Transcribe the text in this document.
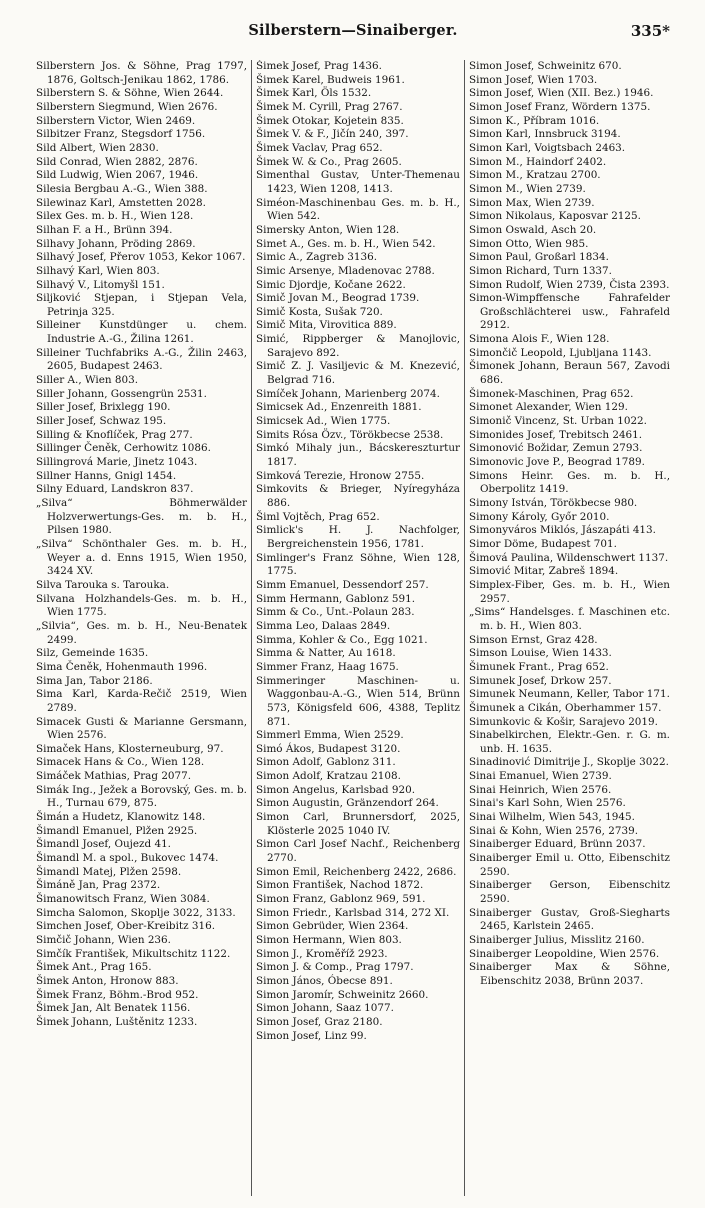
Silberstern—Sinaiberger.	335*
Silberstern Jos. & Söhne, Prag 1797, 1876, Goltsch-Jenikau 1862, 1786.
Silberstern S. & Söhne, Wien 2644.
Silberstern Siegmund, Wien 2676.
Silberstern Victor, Wien 2469.
Silbitzer Franz, Stegsdorf 1756.
Sild Albert, Wien 2830.
Sild Conrad, Wien 2882, 2876.
Sild Ludwig, Wien 2067, 1946.
Silesia Bergbau A.-G., Wien 388.
Silewinaz Karl, Amstetten 2028.
Silex Ges. m. b. H., Wien 128.
Silhan F. a H., Brünn 394.
Silhavy Johann, Pröding 2869.
Silhavý Josef, Přerov 1053, Kekor 1067.
Silhavý Karl, Wien 803.
Silhavý V., Litomyšl 151.
Siljković Stjepan, i Stjepan Vela, Petrinja 325.
Silleiner Kunstdünger u. chem. Industrie A.-G., Žilina 1261.
Silleiner Tuchfabriks A.-G., Žilin 2463, 2605, Budapest 2463.
Siller A., Wien 803.
Siller Johann, Gossengrün 2531.
Siller Josef, Brixlegg 190.
Siller Josef, Schwaz 195.
Silling & Knoflíček, Prag 277.
Sillinger Čeněk, Cerhowitz 1086.
Sillingrová Marie, Jinetz 1043.
Sillner Hanns, Gnigl 1454.
Silny Eduard, Landskron 837.
„Silva“ Böhmerwälder Holzverwertungs-Ges. m. b. H., Pilsen 1980.
„Silva“ Schönthaler Ges. m. b. H., Weyer a. d. Enns 1915, Wien 1950, 3424 XV.
Silva Tarouka s. Tarouka.
Silvana Holzhandels-Ges. m. b. H., Wien 1775.
„Silvia“, Ges. m. b. H., Neu-Benatek 2499.
Silz, Gemeinde 1635.
Sima Čeněk, Hohenmauth 1996.
Sima Jan, Tabor 2186.
Sima Karl, Karda-Rečič 2519, Wien 2789.
Simacek Gusti & Marianne Gersmann, Wien 2576.
Simaček Hans, Klosterneuburg, 97.
Simacek Hans & Co., Wien 128.
Simáček Mathias, Prag 2077.
Simák Ing., Ježek a Borovský, Ges. m. b. H., Turnau 679, 875.
Šimán a Hudetz, Klanowitz 148.
Šimandl Emanuel, Plžen 2925.
Šimandl Josef, Oujezd 41.
Šimandl M. a spol., Bukovec 1474.
Šimandl Matej, Plžen 2598.
Šimáně Jan, Prag 2372.
Šimanowitsch Franz, Wien 3084.
Simcha Salomon, Skoplje 3022, 3133.
Simchen Josef, Ober-Kreibitz 316.
Simčič Johann, Wien 236.
Simčík František, Mikultschitz 1122.
Šimek Ant., Prag 165.
Šimek Anton, Hronow 883.
Šimek Franz, Böhm.-Brod 952.
Šimek Jan, Alt Benatek 1156.
Šimek Johann, Luštěnitz 1233.
Šimek Josef, Prag 1436.
Šimek Karel, Budweis 1961.
Šimek Karl, Öls 1532.
Šimek M. Cyrill, Prag 2767.
Šimek Otokar, Kojetein 835.
Šimek V. & F., Jičín 240, 397.
Šimek Vaclav, Prag 652.
Šimek W. & Co., Prag 2605.
Simenthal Gustav, Unter-Themenau 1423, Wien 1208, 1413.
Siméon-Maschinenbau Ges. m. b. H., Wien 542.
Simersky Anton, Wien 128.
Simet A., Ges. m. b. H., Wien 542.
Simic A., Zagreb 3136.
Simic Arsenye, Mladenovac 2788.
Simic Djordje, Kočane 2622.
Simič Jovan M., Beograd 1739.
Simič Kosta, Sušak 720.
Simič Mita, Virovitica 889.
Simić, Rippberger & Manojlovic, Sarajevo 892.
Simič Z. J. Vasiljevic & M. Knezević, Belgrad 716.
Simíček Johann, Marienberg 2074.
Simicsek Ad., Enzenreith 1881.
Simicsek Ad., Wien 1775.
Simits Rósa Özv., Törökbecse 2538.
Simkó Mihaly jun., Bácskereszturtur 1817.
Simková Terezie, Hronow 2755.
Simkovits & Brieger, Nyíregyháza 886.
Šiml Vojtěch, Prag 652.
Simlick's H. J. Nachfolger, Bergreichenstein 1956, 1781.
Simlinger's Franz Söhne, Wien 128, 1775.
Simm Emanuel, Dessendorf 257.
Simm Hermann, Gablonz 591.
Simm & Co., Unt.-Polaun 283.
Simma Leo, Dalaas 2849.
Simma, Kohler & Co., Egg 1021.
Simma & Natter, Au 1618.
Simmer Franz, Haag 1675.
Simmeringer Maschinen- u. Waggonbau-A.-G., Wien 514, Brünn 573, Königsfeld 606, 4388, Teplitz 871.
Simmerl Emma, Wien 2529.
Simó Ákos, Budapest 3120.
Simon Adolf, Gablonz 311.
Simon Adolf, Kratzau 2108.
Simon Angelus, Karlsbad 920.
Simon Augustin, Gränzendorf 264.
Simon Carl, Brunnersdorf, 2025, Klösterle 2025 1040 IV.
Simon Carl Josef Nachf., Reichenberg 2770.
Simon Emil, Reichenberg 2422, 2686.
Simon František, Nachod 1872.
Simon Franz, Gablonz 969, 591.
Simon Friedr., Karlsbad 314, 272 XI.
Simon Gebrüder, Wien 2364.
Simon Hermann, Wien 803.
Simon J., Kroměříž 2923.
Simon J. & Comp., Prag 1797.
Simon János, Óbecse 891.
Simon Jaromír, Schweinitz 2660.
Simon Johann, Saaz 1077.
Simon Josef, Graz 2180.
Simon Josef, Linz 99.
Simon Josef, Schweinitz 670.
Simon Josef, Wien 1703.
Simon Josef, Wien (XII. Bez.) 1946.
Simon Josef Franz, Wördern 1375.
Simon K., Příbram 1016.
Simon Karl, Innsbruck 3194.
Simon Karl, Voigtsbach 2463.
Simon M., Haindorf 2402.
Simon M., Kratzau 2700.
Simon M., Wien 2739.
Simon Max, Wien 2739.
Simon Nikolaus, Kaposvar 2125.
Simon Oswald, Asch 20.
Simon Otto, Wien 985.
Simon Paul, Großarl 1834.
Simon Richard, Turn 1337.
Simon Rudolf, Wien 2739, Čista 2393.
Simon-Wimpffensche Fahrafelder Großschlächterei usw., Fahrafeld 2912.
Simona Alois F., Wien 128.
Simončič Leopold, Ljubljana 1143.
Šimonek Johann, Beraun 567, Zavodi 686.
Šimonek-Maschinen, Prag 652.
Simonet Alexander, Wien 129.
Simonič Vincenz, St. Urban 1022.
Simonides Josef, Trebitsch 2461.
Simonović Božidar, Zemun 2793.
Simonovic Jove P., Beograd 1789.
Simons Heinr. Ges. m. b. H., Oberpolitz 1419.
Simony István, Törökbecse 980.
Simony Károly, Győr 2010.
Simonyváros Miklós, Jászapáti 413.
Simor Döme, Budapest 701.
Šimová Paulina, Wildenschwert 1137.
Simović Mitar, Zabreš 1894.
Simplex-Fiber, Ges. m. b. H., Wien 2957.
„Sims“ Handelsges. f. Maschinen etc. m. b. H., Wien 803.
Simson Ernst, Graz 428.
Simson Louise, Wien 1433.
Šimunek Frant., Prag 652.
Simunek Josef, Drkow 257.
Simunek Neumann, Keller, Tabor 171.
Šimunek a Cikán, Oberhammer 157.
Simunkovic & Košir, Sarajevo 2019.
Sinabelkirchen, Elektr.-Gen. r. G. m. unb. H. 1635.
Sinadinović Dimitrije J., Skoplje 3022.
Sinai Emanuel, Wien 2739.
Sinai Heinrich, Wien 2576.
Sinai's Karl Sohn, Wien 2576.
Sinai Wilhelm, Wien 543, 1945.
Sinai & Kohn, Wien 2576, 2739.
Sinaiberger Eduard, Brünn 2037.
Sinaiberger Emil u. Otto, Eibenschitz 2590.
Sinaiberger Gerson, Eibenschitz 2590.
Sinaiberger Gustav, Groß-Siegharts 2465, Karlstein 2465.
Sinaiberger Julius, Misslitz 2160.
Sinaiberger Leopoldine, Wien 2576.
Sinaiberger Max & Söhne, Eibenschitz 2038, Brünn 2037.
